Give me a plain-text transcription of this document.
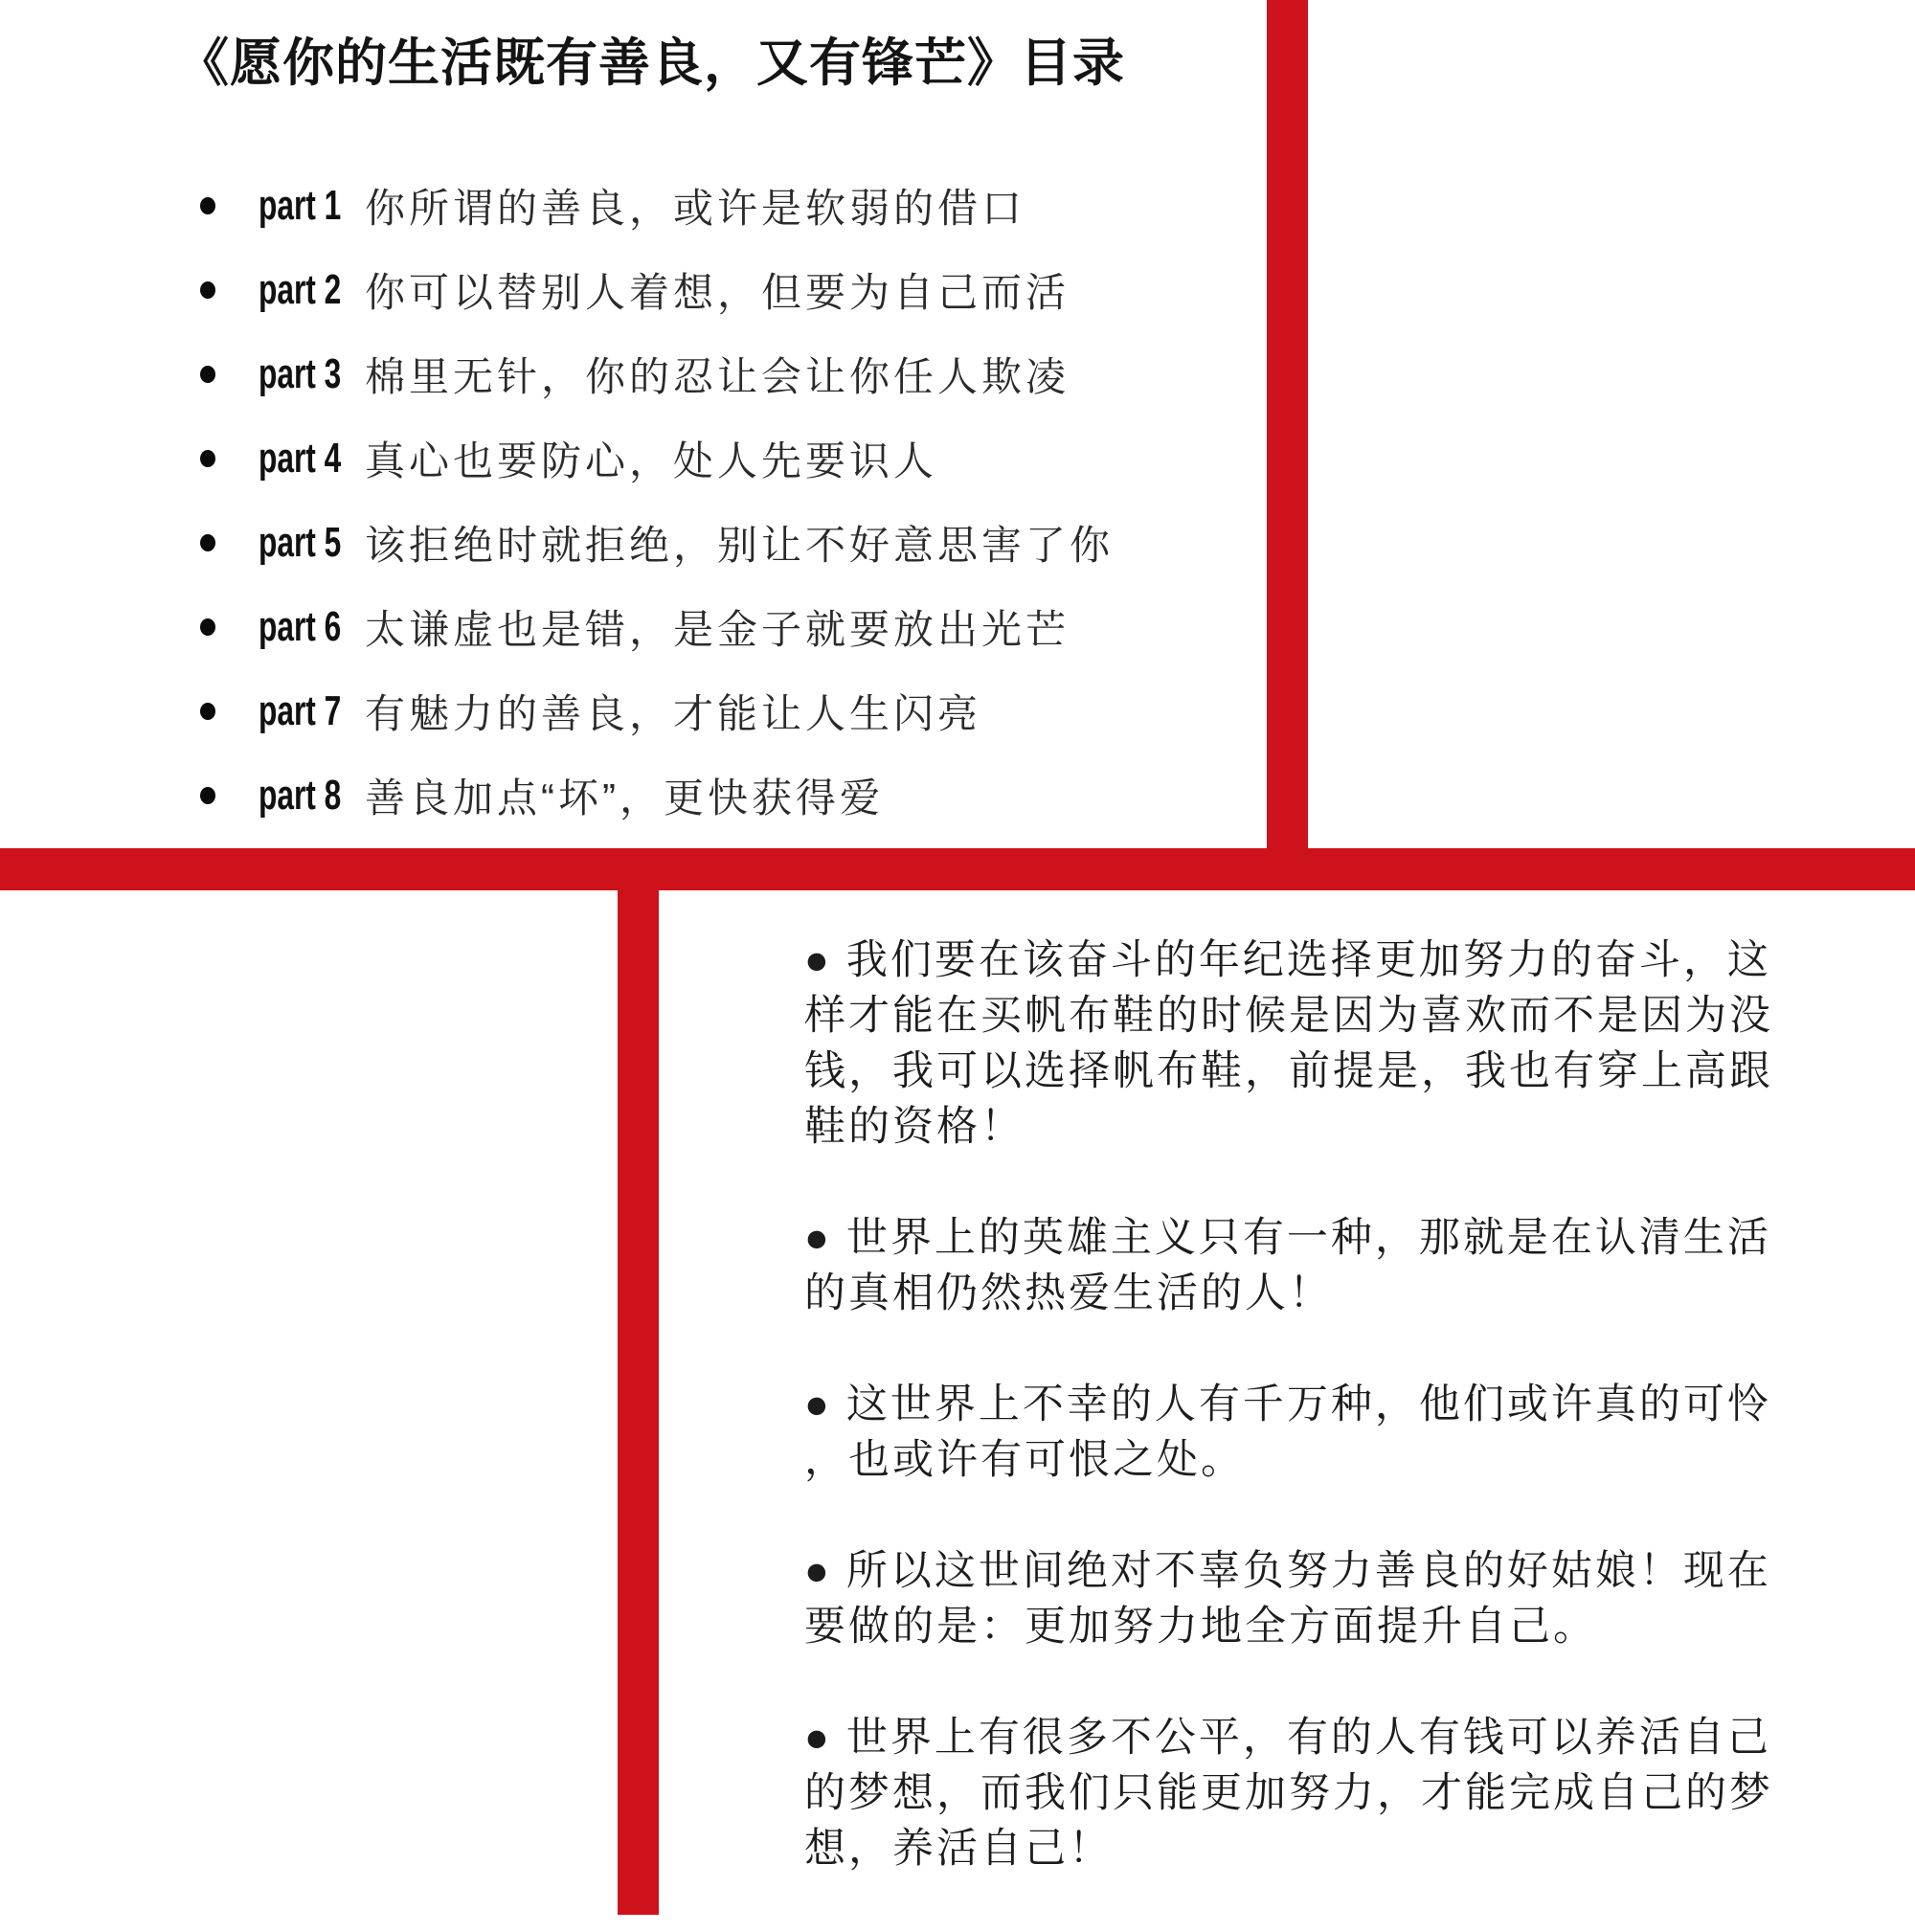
《愿你的生活既有善良，又有锋芒》目录
part 1 你所谓的善良，或许是软弱的借口
part 2 你可以替别人着想，但要为自己而活
part 3 棉里无针，你的忍让会让你任人欺凌
part 4 真心也要防心，处人先要识人
part 5 该拒绝时就拒绝，别让不好意思害了你
part 6 太谦虚也是错，是金子就要放出光芒
part 7 有魅力的善良，才能让人生闪亮
part 8 善良加点“坏”，更快获得爱
● 我们要在该奋斗的年纪选择更加努力的奋斗，这
样才能在买帆布鞋的时候是因为喜欢而不是因为没
钱，我可以选择帆布鞋，前提是，我也有穿上高跟
鞋的资格！
● 世界上的英雄主义只有一种，那就是在认清生活
的真相仍然热爱生活的人！
● 这世界上不幸的人有千万种，他们或许真的可怜
，也或许有可恨之处。
● 所以这世间绝对不辜负努力善良的好姑娘！现在
要做的是：更加努力地全方面提升自己。
● 世界上有很多不公平，有的人有钱可以养活自己
的梦想，而我们只能更加努力，才能完成自己的梦
想，养活自己！
